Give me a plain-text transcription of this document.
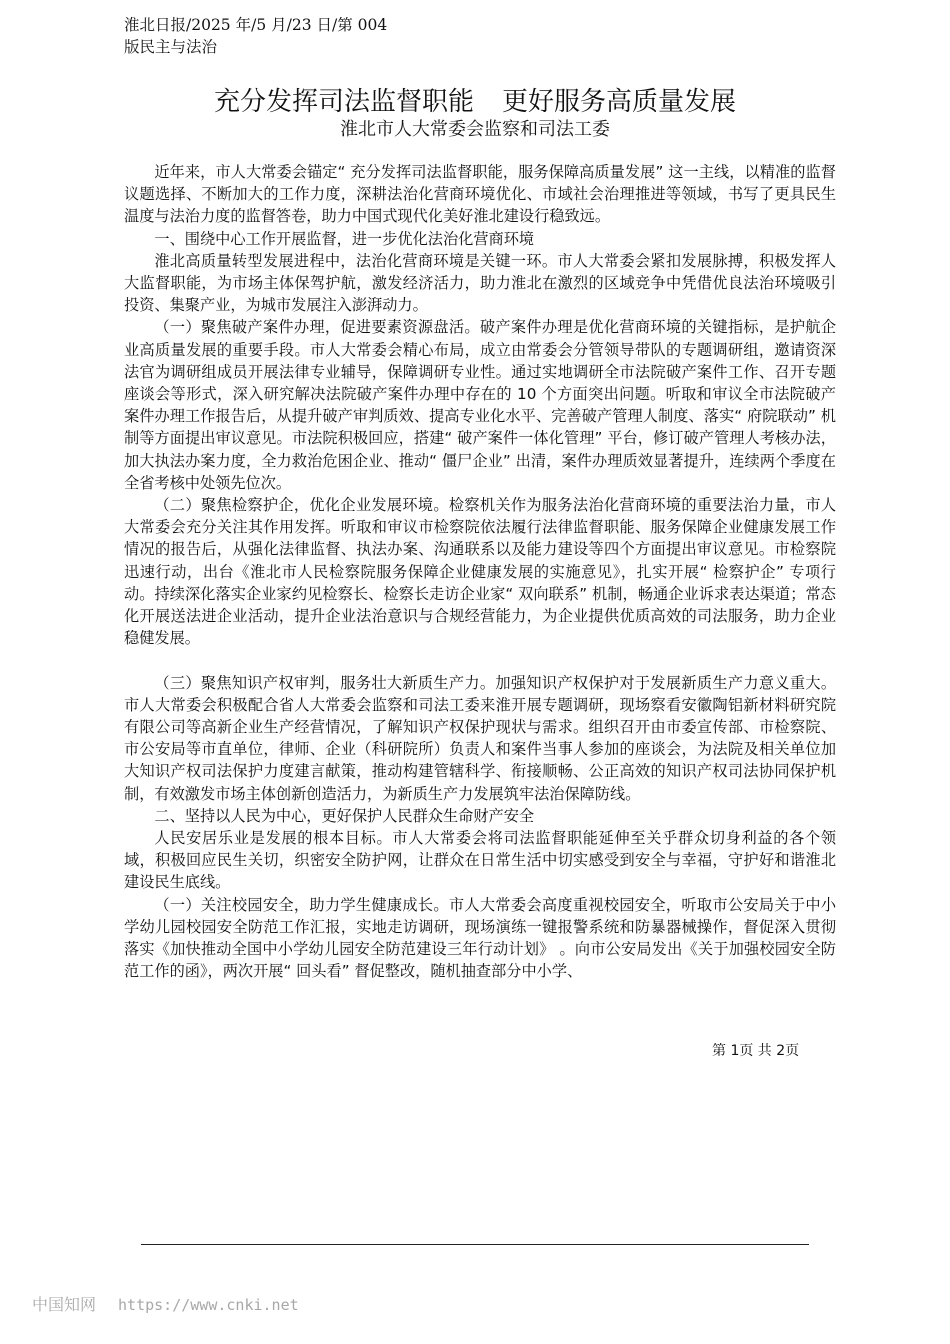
淮北日报/2025 年/5 月/23 日/第 004
版民主与法治
充分发挥司法监督职能 更好服务高质量发展
淮北市人大常委会监察和司法工委

近年来，市人大常委会锚定“ 充分发挥司法监督职能，服务保障高质量发展” 这一主线，以精准的监督议题选择、不断加大的工作力度，深耕法治化营商环境优化、市域社会治理推进等领域，书写了更具民生温度与法治力度的监督答卷，助力中国式现代化美好淮北建设行稳致远。

一、围绕中心工作开展监督，进一步优化法治化营商环境

淮北高质量转型发展进程中，法治化营商环境是关键一环。市人大常委会紧扣发展脉搏，积极发挥人大监督职能，为市场主体保驾护航，激发经济活力，助力淮北在激烈的区域竞争中凭借优良法治环境吸引投资、集聚产业，为城市发展注入澎湃动力。

（一）聚焦破产案件办理，促进要素资源盘活。破产案件办理是优化营商环境的关键指标，是护航企业高质量发展的重要手段。市人大常委会精心布局，成立由常委会分管领导带队的专题调研组，邀请资深法官为调研组成员开展法律专业辅导，保障调研专业性。通过实地调研全市法院破产案件工作、召开专题座谈会等形式，深入研究解决法院破产案件办理中存在的 10 个方面突出问题。听取和审议全市法院破产案件办理工作报告后，从提升破产审判质效、提高专业化水平、完善破产管理人制度、落实“ 府院联动” 机制等方面提出审议意见。市法院积极回应，搭建“ 破产案件一体化管理” 平台，修订破产管理人考核办法，加大执法办案力度，全力救治危困企业、推动“ 僵尸企业” 出清，案件办理质效显著提升，连续两个季度在全省考核中处领先位次。

（二）聚焦检察护企，优化企业发展环境。检察机关作为服务法治化营商环境的重要法治力量，市人大常委会充分关注其作用发挥。听取和审议市检察院依法履行法律监督职能、服务保障企业健康发展工作情况的报告后，从强化法律监督、执法办案、沟通联系以及能力建设等四个方面提出审议意见。市检察院迅速行动，出台《淮北市人民检察院服务保障企业健康发展的实施意见》，扎实开展“ 检察护企” 专项行动。持续深化落实企业家约见检察长、检察长走访企业家“ 双向联系” 机制，畅通企业诉求表达渠道；常态化开展送法进企业活动，提升企业法治意识与合规经营能力，为企业提供优质高效的司法服务，助力企业稳健发展。

（三）聚焦知识产权审判，服务壮大新质生产力。加强知识产权保护对于发展新质生产力意义重大。市人大常委会积极配合省人大常委会监察和司法工委来淮开展专题调研，现场察看安徽陶铝新材料研究院有限公司等高新企业生产经营情况，了解知识产权保护现状与需求。组织召开由市委宣传部、市检察院、市公安局等市直单位，律师、企业（科研院所）负责人和案件当事人参加的座谈会，为法院及相关单位加大知识产权司法保护力度建言献策，推动构建管辖科学、衔接顺畅、公正高效的知识产权司法协同保护机制，有效激发市场主体创新创造活力，为新质生产力发展筑牢法治保障防线。

二、坚持以人民为中心，更好保护人民群众生命财产安全

人民安居乐业是发展的根本目标。市人大常委会将司法监督职能延伸至关乎群众切身利益的各个领域，积极回应民生关切，织密安全防护网，让群众在日常生活中切实感受到安全与幸福，守护好和谐淮北建设民生底线。

（一）关注校园安全，助力学生健康成长。市人大常委会高度重视校园安全，听取市公安局关于中小学幼儿园校园安全防范工作汇报，实地走访调研，现场演练一键报警系统和防暴器械操作，督促深入贯彻落实《加快推动全国中小学幼儿园安全防范建设三年行动计划》 。向市公安局发出《关于加强校园安全防范工作的函》，两次开展“ 回头看” 督促整改，随机抽查部分中小学、

第 1页 共 2页
中国知网 https://www.cnki.net
